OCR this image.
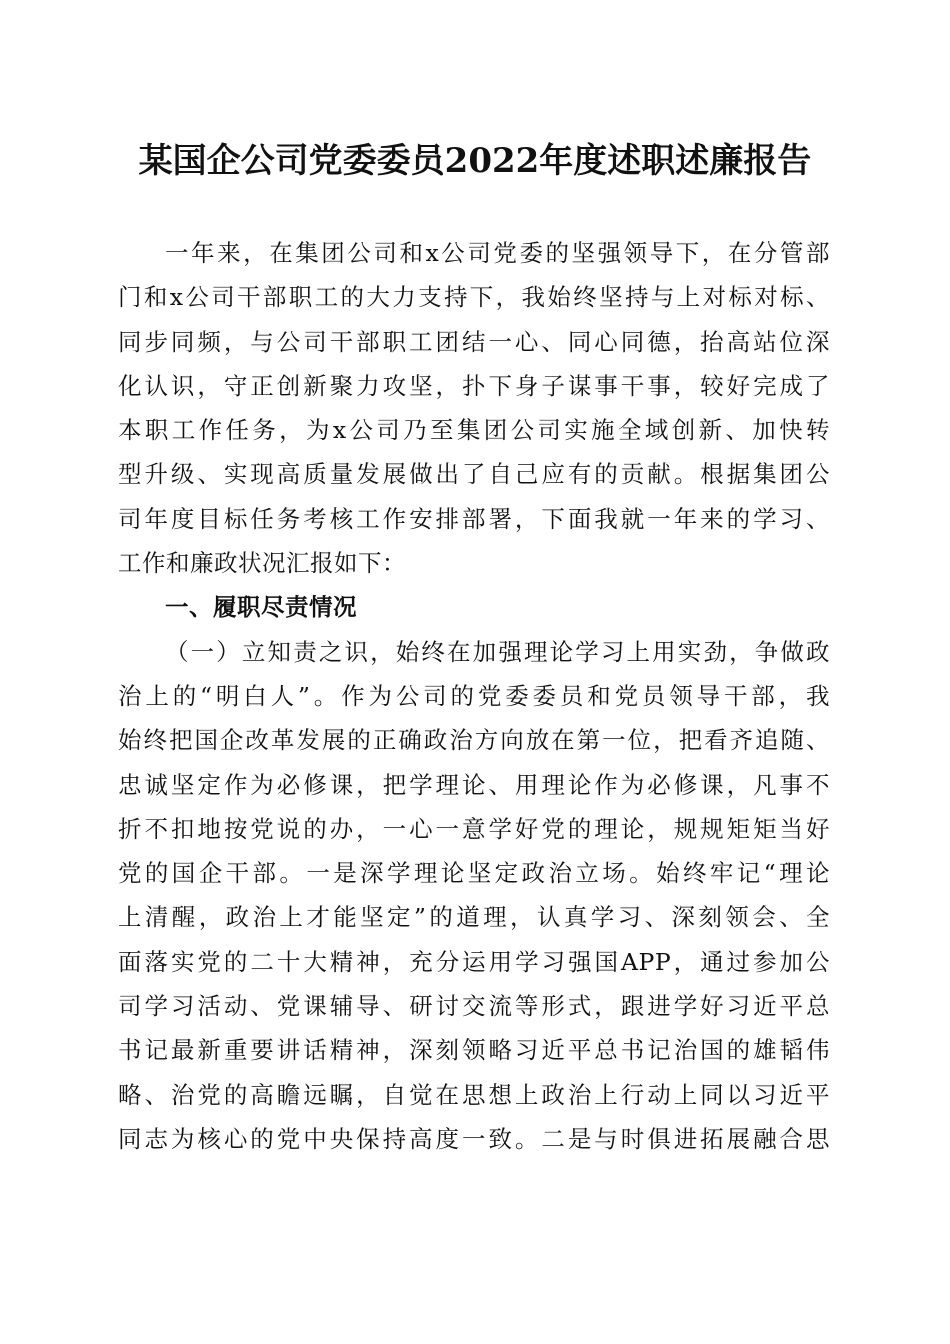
某国企公司党委委员2022年度述职述廉报告
一年来，在集团公司和x公司党委的坚强领导下，在分管部
门和x公司干部职工的大力支持下，我始终坚持与上对标对标、
同步同频，与公司干部职工团结一心、同心同德，抬高站位深
化认识，守正创新聚力攻坚，扑下身子谋事干事，较好完成了
本职工作任务，为x公司乃至集团公司实施全域创新、加快转
型升级、实现高质量发展做出了自己应有的贡献。根据集团公
司年度目标任务考核工作安排部署，下面我就一年来的学习、
工作和廉政状况汇报如下：
一、履职尽责情况
（一）立知责之识，始终在加强理论学习上用实劲，争做政
治上的“明白人”。作为公司的党委委员和党员领导干部，我
始终把国企改革发展的正确政治方向放在第一位，把看齐追随、
忠诚坚定作为必修课，把学理论、用理论作为必修课，凡事不
折不扣地按党说的办，一心一意学好党的理论，规规矩矩当好
党的国企干部。一是深学理论坚定政治立场。始终牢记“理论
上清醒，政治上才能坚定”的道理，认真学习、深刻领会、全
面落实党的二十大精神，充分运用学习强国APP，通过参加公
司学习活动、党课辅导、研讨交流等形式，跟进学好习近平总
书记最新重要讲话精神，深刻领略习近平总书记治国的雄韬伟
略、治党的高瞻远瞩，自觉在思想上政治上行动上同以习近平
同志为核心的党中央保持高度一致。二是与时俱进拓展融合思
